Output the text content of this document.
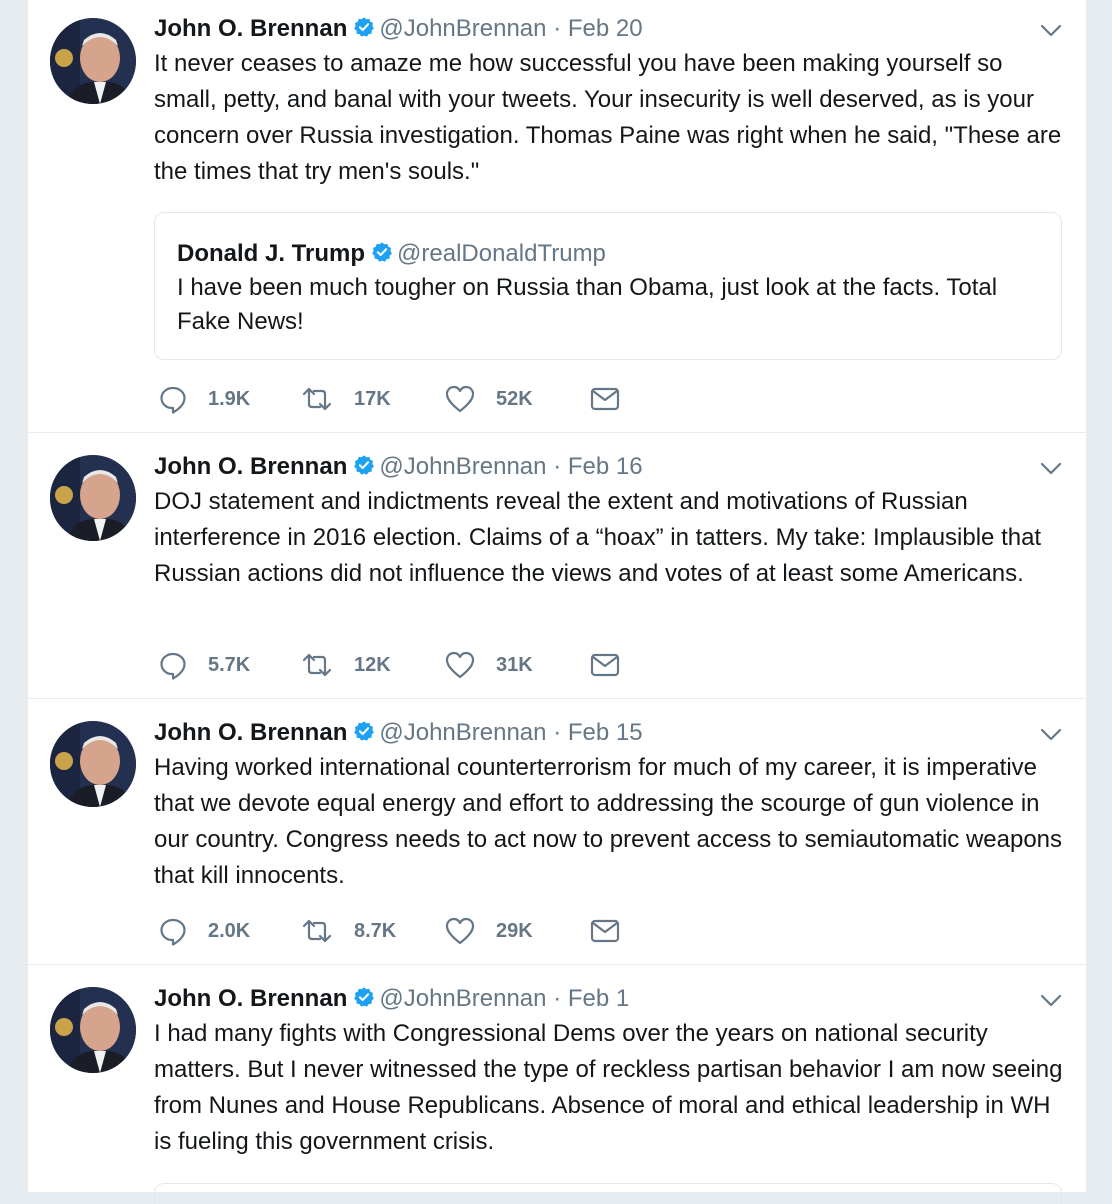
John O. Brennan @JohnBrennan · Feb 20

It never ceases to amaze me how successful you have been making yourself so small, petty, and banal with your tweets. Your insecurity is well deserved, as is your concern over Russia investigation. Thomas Paine was right when he said, "These are the times that try men's souls."

Donald J. Trump @realDonaldTrump

I have been much tougher on Russia than Obama, just look at the facts. Total Fake News!

1.9K	17K	52K
John O. Brennan @JohnBrennan · Feb 16

DOJ statement and indictments reveal the extent and motivations of Russian interference in 2016 election. Claims of a “hoax” in tatters. My take: Implausible that Russian actions did not influence the views and votes of at least some Americans.

5.7K	12K	31K
John O. Brennan @JohnBrennan · Feb 15

Having worked international counterterrorism for much of my career, it is imperative that we devote equal energy and effort to addressing the scourge of gun violence in our country. Congress needs to act now to prevent access to semiautomatic weapons that kill innocents.

2.0K	8.7K	29K
John O. Brennan @JohnBrennan · Feb 1

I had many fights with Congressional Dems over the years on national security matters. But I never witnessed the type of reckless partisan behavior I am now seeing from Nunes and House Republicans. Absence of moral and ethical leadership in WH is fueling this government crisis.
